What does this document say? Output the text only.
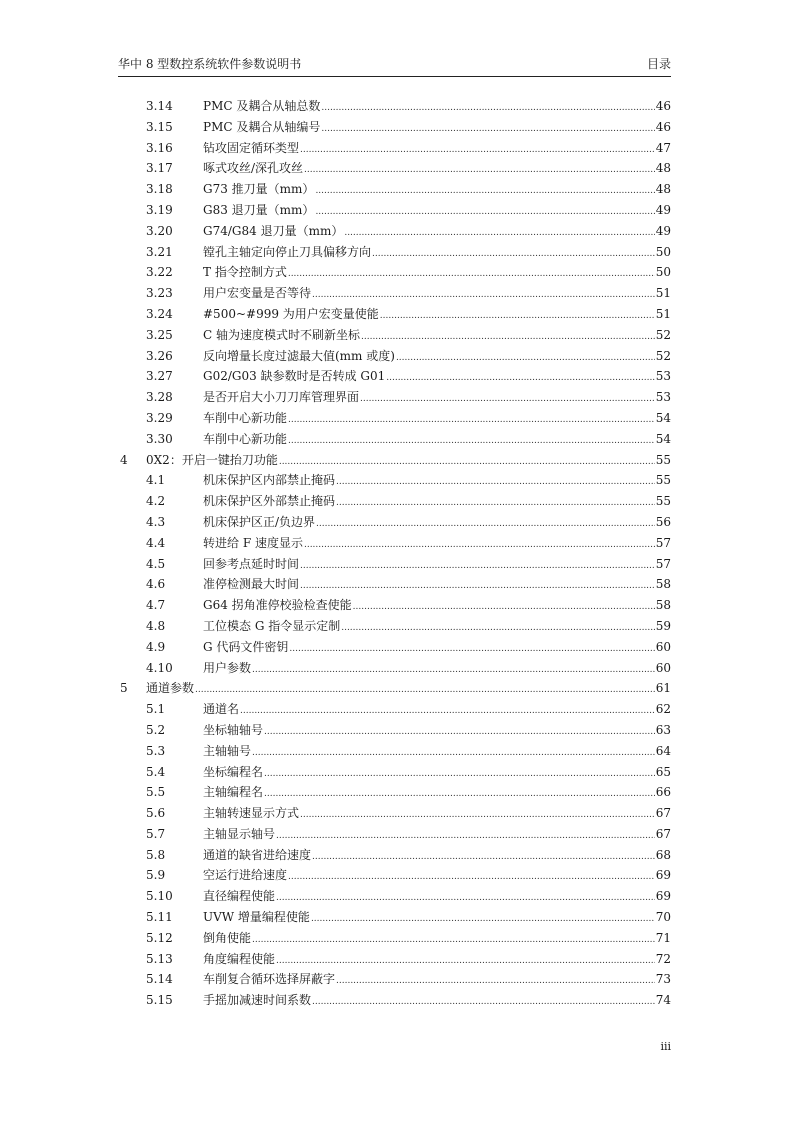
华中 8 型数控系统软件参数说明书	目录
3.14	PMC 及耦合从轴总数 .....	46
3.15	PMC 及耦合从轴编号 .....	46
3.16	钻攻固定循环类型 .....	47
3.17	啄式攻丝/深孔攻丝 .....	48
3.18	G73 推刀量（mm） .....	48
3.19	G83 退刀量（mm） .....	49
3.20	G74/G84 退刀量（mm） .....	49
3.21	镗孔主轴定向停止刀具偏移方向 .....	50
3.22	T 指令控制方式 .....	50
3.23	用户宏变量是否等待 .....	51
3.24	#500~#999 为用户宏变量使能 .....	51
3.25	C 轴为速度模式时不刷新坐标 .....	52
3.26	反向增量长度过滤最大值(mm 或度) .....	52
3.27	G02/G03 缺参数时是否转成 G01 .....	53
3.28	是否开启大小刀刀库管理界面 .....	53
3.29	车削中心新功能 .....	54
3.30	车削中心新功能 .....	54
4 0X2：开启一键抬刀功能 .....	55
4.1	机床保护区内部禁止掩码 .....	55
4.2	机床保护区外部禁止掩码 .....	55
4.3	机床保护区正/负边界 .....	56
4.4	转进给 F 速度显示 .....	57
4.5	回参考点延时时间 .....	57
4.6	准停检测最大时间 .....	58
4.7	G64 拐角准停校验检查使能 .....	58
4.8	工位模态 G 指令显示定制 .....	59
4.9	G 代码文件密钥 .....	60
4.10	用户参数 .....	60
5 通道参数 .....	61
5.1	通道名 .....	62
5.2	坐标轴轴号 .....	63
5.3	主轴轴号 .....	64
5.4	坐标编程名 .....	65
5.5	主轴编程名 .....	66
5.6	主轴转速显示方式 .....	67
5.7	主轴显示轴号 .....	67
5.8	通道的缺省进给速度 .....	68
5.9	空运行进给速度 .....	69
5.10	直径编程使能 .....	69
5.11	UVW 增量编程使能 .....	70
5.12	倒角使能 .....	71
5.13	角度编程使能 .....	72
5.14	车削复合循环选择屏蔽字 .....	73
5.15	手摇加减速时间系数 .....	74
iii
